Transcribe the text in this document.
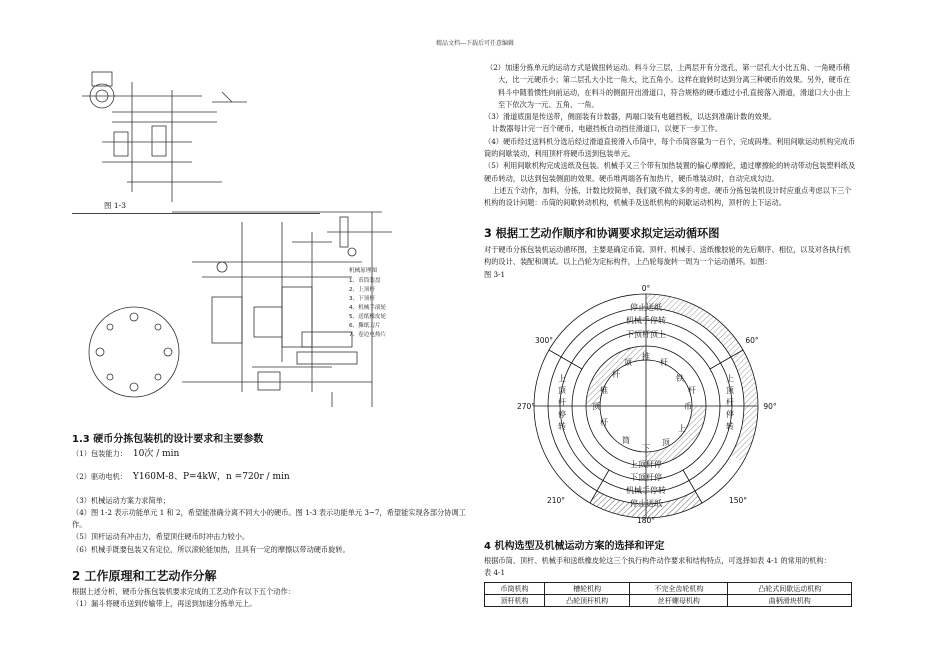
精品文档---下载后可任意编辑
机械原理图
1、币筒装盘
2、上顶杆
3、下顶杆
4、机械手滚轮
5、送纸橡皮轮
6、撕纸刀片
7、卷边电热片
图 1-3
1.3 硬币分拣包装机的设计要求和主要参数

（1）包装能力： 10次 / min

（2）驱动电机： Y160M-8、P=4kW，n =720r / min

（3）机械运动方案力求简单；

（4）图 1-2 表示功能单元 1 和 2，希望能准确分离不同大小的硬币。图 1-3 表示功能单元 3~7，希望能实现各部分协调工作。

（5）顶杆运动有冲击力，希望顶住硬币时冲击力较小。

（6）机械手既要包装又有定位，所以滚轮能加热，且具有一定的摩擦以带动硬币旋转。

2 工作原理和工艺动作分解

根据上述分析，硬币分拣包装机要求完成的工艺动作有以下五个动作：

（1）漏斗将硬币送到传输带上，再送到加速分拣单元上。

（2）加速分拣单元的运动方式是做扭转运动。料斗分三层，上两层开有分选孔，第一层孔大小比五角、一角硬币稍大，比一元硬币小；第二层孔大小比一角大，比五角小。这样在旋转时达到分离三种硬币的效果。另外，硬币在料斗中随着惯性向前运动，在料斗的侧面开出滑道口，符合规格的硬币通过小孔直接落入滑道，滑道口大小由上至下依次为一元、五角、一角。

（3）滑道底面是传送带，侧面装有计数器，两端口装有电磁挡板，以达到准确计数的效果。

计数器每计完一百个硬币，电磁挡板自动挡住滑道口，以便下一步工作。

（4）硬币经过送料机分选后经过滑道直接滑入币筒中，每个币筒容量为一百个，完成码堆。利用间歇运动机构完成币筒的间歇装动，利用顶杆将硬币送到包装单元。

（5）利用间歇机构完成送纸及包装。机械手又三个带有加热装置的偏心摩擦轮，通过摩擦轮的转动带动包装塑料纸及硬币转动，以达到包装侧面的效果。硬币堆两端各有加热片，硬币堆装动时，自动完成勾边。

上述五个动作，加料，分拣，计数比较简单，我们就不做太多的考虑。硬币分拣包装机设计时应重点考虑以下三个机构的设计问题：币筒的间歇转动机构，机械手及送纸机构的间歇运动机构，顶杆的上下运动。

3 根据工艺动作顺序和协调要求拟定运动循环图

对于硬币分拣包装机运动循环图，主要是确定币筒、顶杆、机械手、送纸橡胶轮的先后顺序、相位，以及对各执行机构的设计、装配和调试。以上凸轮为定标构件，上凸轮每旋转一周为一个运动循环。如图：

图 3-1

0°
60°
90°
150°
180°
210°
270°
300°
停止送纸
机械手停转
下顶杆顶上
上顶杆停
下顶杆停
机械手停转
停止送纸
顶
杆
推
杆
推
铁
币
筒
下
顶
杆
上
顶
杆
上
顶
杆
停
转
上
顶
杆
停
转
4 机构选型及机械运动方案的选择和评定

根据币筒、顶杆、机械手和送纸橡皮轮这三个执行构件动作要求和结构特点，可选择如表 4-1 的常用的机构：

表 4-1

币筒机构	槽轮机构	不完全齿轮机构	凸轮式间歇运动机构
顶杆机构	凸轮顶杆机构	丝杆螺母机构	曲柄滑块机构
